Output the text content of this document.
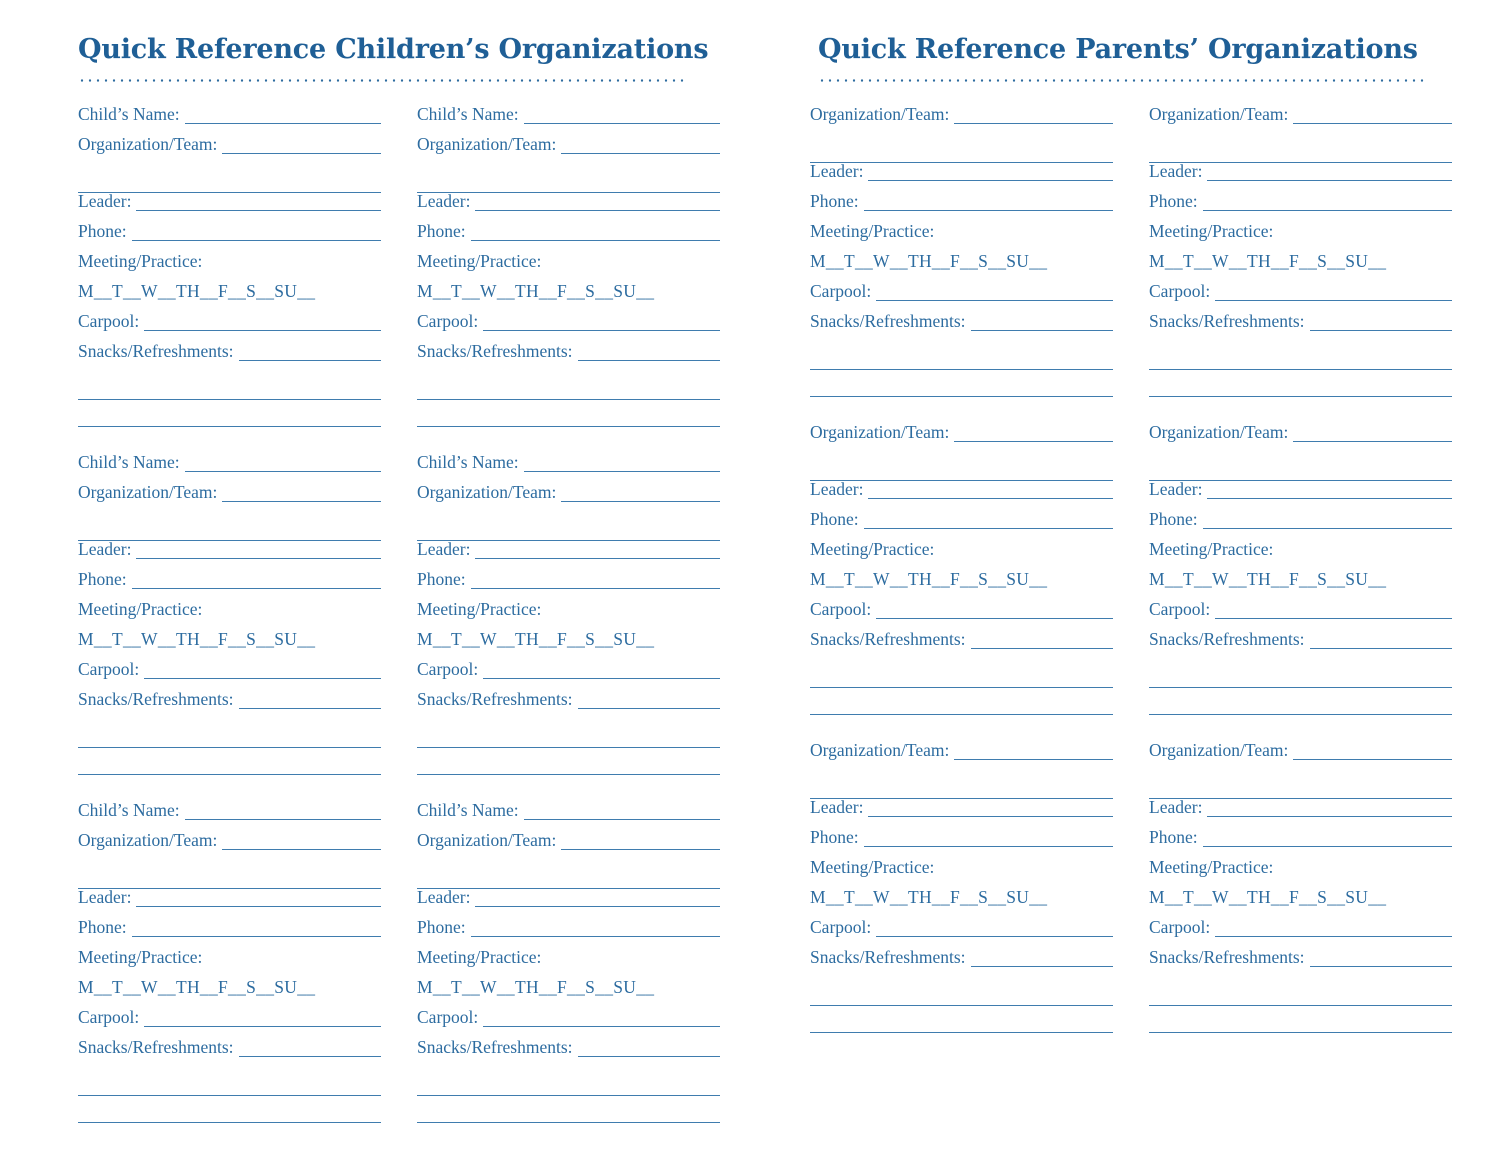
Quick Reference Children’s Organizations
Child’s Name:
Organization/Team:
Leader:
Phone:
Meeting/Practice:
M__T__W__TH__F__S__SU__
Carpool:
Snacks/Refreshments:
Child’s Name:
Organization/Team:
Leader:
Phone:
Meeting/Practice:
M__T__W__TH__F__S__SU__
Carpool:
Snacks/Refreshments:
Child’s Name:
Organization/Team:
Leader:
Phone:
Meeting/Practice:
M__T__W__TH__F__S__SU__
Carpool:
Snacks/Refreshments:
Child’s Name:
Organization/Team:
Leader:
Phone:
Meeting/Practice:
M__T__W__TH__F__S__SU__
Carpool:
Snacks/Refreshments:
Child’s Name:
Organization/Team:
Leader:
Phone:
Meeting/Practice:
M__T__W__TH__F__S__SU__
Carpool:
Snacks/Refreshments:
Child’s Name:
Organization/Team:
Leader:
Phone:
Meeting/Practice:
M__T__W__TH__F__S__SU__
Carpool:
Snacks/Refreshments:
Quick Reference Parents’ Organizations
Organization/Team:
Leader:
Phone:
Meeting/Practice:
M__T__W__TH__F__S__SU__
Carpool:
Snacks/Refreshments:
Organization/Team:
Leader:
Phone:
Meeting/Practice:
M__T__W__TH__F__S__SU__
Carpool:
Snacks/Refreshments:
Organization/Team:
Leader:
Phone:
Meeting/Practice:
M__T__W__TH__F__S__SU__
Carpool:
Snacks/Refreshments:
Organization/Team:
Leader:
Phone:
Meeting/Practice:
M__T__W__TH__F__S__SU__
Carpool:
Snacks/Refreshments:
Organization/Team:
Leader:
Phone:
Meeting/Practice:
M__T__W__TH__F__S__SU__
Carpool:
Snacks/Refreshments:
Organization/Team:
Leader:
Phone:
Meeting/Practice:
M__T__W__TH__F__S__SU__
Carpool:
Snacks/Refreshments:
